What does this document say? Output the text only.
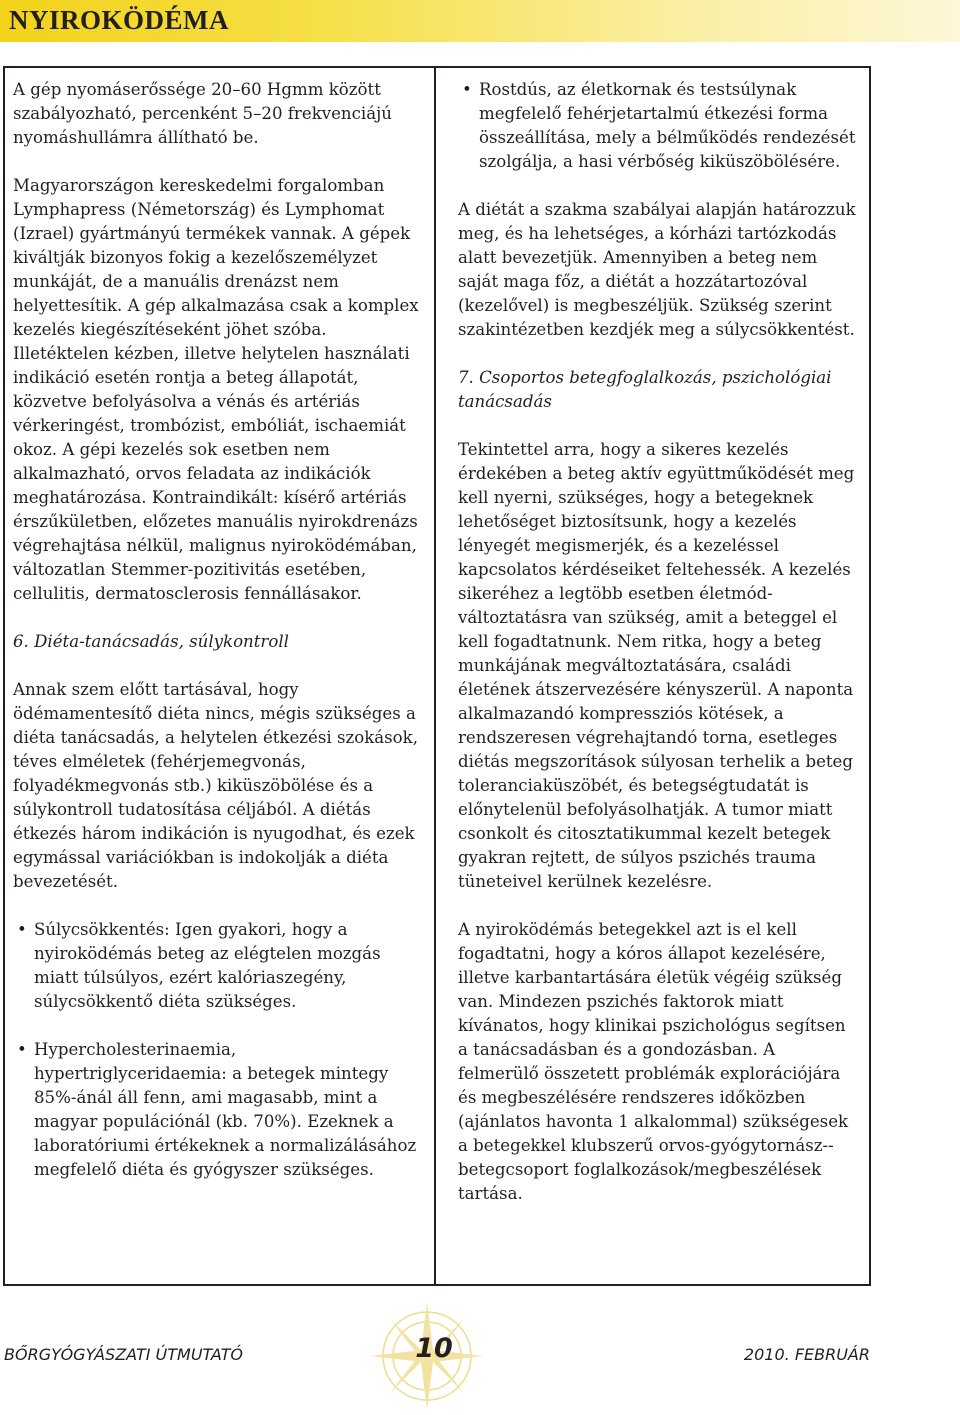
NYIROKÖDÉMA

A gép nyomáserőssége 20–60 Hgmm között szabályozható, percenként 5–20 frekvenciájú nyomáshullámra állítható be.

Magyarországon kereskedelmi forgalomban Lymphapress (Németország) és Lymphomat (Izrael) gyártmányú termékek vannak. A gépek kiváltják bizonyos fokig a kezelőszemélyzet munkáját, de a manuális drenázst nem helyettesítik. A gép alkalmazása csak a komplex kezelés kiegészítéseként jöhet szóba. Illetéktelen kézben, illetve helytelen használati indikáció esetén rontja a beteg állapotát, közvetve befolyásolva a vénás és artériás vérkeringést, trombózist, embóliát, ischaemiát okoz. A gépi kezelés sok esetben nem alkalmazható, orvos feladata az indikációk meghatározása. Kontraindikált: kísérő artériás érszűkületben, előzetes manuális nyirokdrenázs végrehajtása nélkül, malignus nyiroködémában, változatlan Stemmer-pozitivitás esetében, cellulitis, dermatosclerosis fennállásakor.

6. Diéta-tanácsadás, súlykontroll

Annak szem előtt tartásával, hogy ödémamentesítő diéta nincs, mégis szükséges a diéta tanácsadás, a helytelen étkezési szokások, téves elméletek (fehérjemegvonás, folyadékmegvonás stb.) kiküszöbölése és a súlykontroll tudatosítása céljából. A diétás étkezés három indikáción is nyugodhat, és ezek egymással variációkban is indokolják a diéta bevezetését.

• Súlycsökkentés: Igen gyakori, hogy a nyiroködémás beteg az elégtelen mozgás miatt túlsúlyos, ezért kalóriaszegény, súlycsökkentő diéta szükséges.
• Hypercholesterinaemia, hypertriglyceridaemia: a betegek mintegy 85%-ánál áll fenn, ami magasabb, mint a magyar populációnál (kb. 70%). Ezeknek a laboratóriumi értékeknek a normalizálásához megfelelő diéta és gyógyszer szükséges.
• Rostdús, az életkornak és testsúlynak megfelelő fehérjetartalmú étkezési forma összeállítása, mely a bélműködés rendezését szolgálja, a hasi vérbőség kiküszöbölésére.

A diétát a szakma szabályai alapján határozzuk meg, és ha lehetséges, a kórházi tartózkodás alatt bevezetjük. Amennyiben a beteg nem saját maga főz, a diétát a hozzátartozóval (kezelővel) is megbeszéljük. Szükség szerint szakintézetben kezdjék meg a súlycsökkentést.

7. Csoportos betegfoglalkozás, pszichológiai tanácsadás

Tekintettel arra, hogy a sikeres kezelés érdekében a beteg aktív együttműködését meg kell nyerni, szükséges, hogy a betegeknek lehetőséget biztosítsunk, hogy a kezelés lényegét megismerjék, és a kezeléssel kapcsolatos kérdéseiket feltehessék. A kezelés sikeréhez a legtöbb esetben életmód-változtatásra van szükség, amit a beteggel el kell fogadtatnunk. Nem ritka, hogy a beteg munkájának megváltoztatására, családi életének átszervezésére kényszerül. A naponta alkalmazandó kompressziós kötések, a rendszeresen végrehajtandó torna, esetleges diétás megszorítások súlyosan terhelik a beteg toleranciaküszöbét, és betegségtudatát is előnytelenül befolyásolhatják. A tumor miatt csonkolt és citosztatikummal kezelt betegek gyakran rejtett, de súlyos pszichés trauma tüneteivel kerülnek kezelésre.

A nyiroködémás betegekkel azt is el kell fogadtatni, hogy a kóros állapot kezelésére, illetve karbantartására életük végéig szükség van. Mindezen pszichés faktorok miatt kívánatos, hogy klinikai pszichológus segítsen a tanácsadásban és a gondozásban. A felmerülő összetett problémák explorációjára és megbeszélésére rendszeres időközben (ajánlatos havonta 1 alkalommal) szükségesek a betegekkel klubszerű orvos-gyógytornász--betegcsoport foglalkozások/megbeszélések tartása.

10
BŐRGYÓGYÁSZATI ÚTMUTATÓ	2010. FEBRUÁR
